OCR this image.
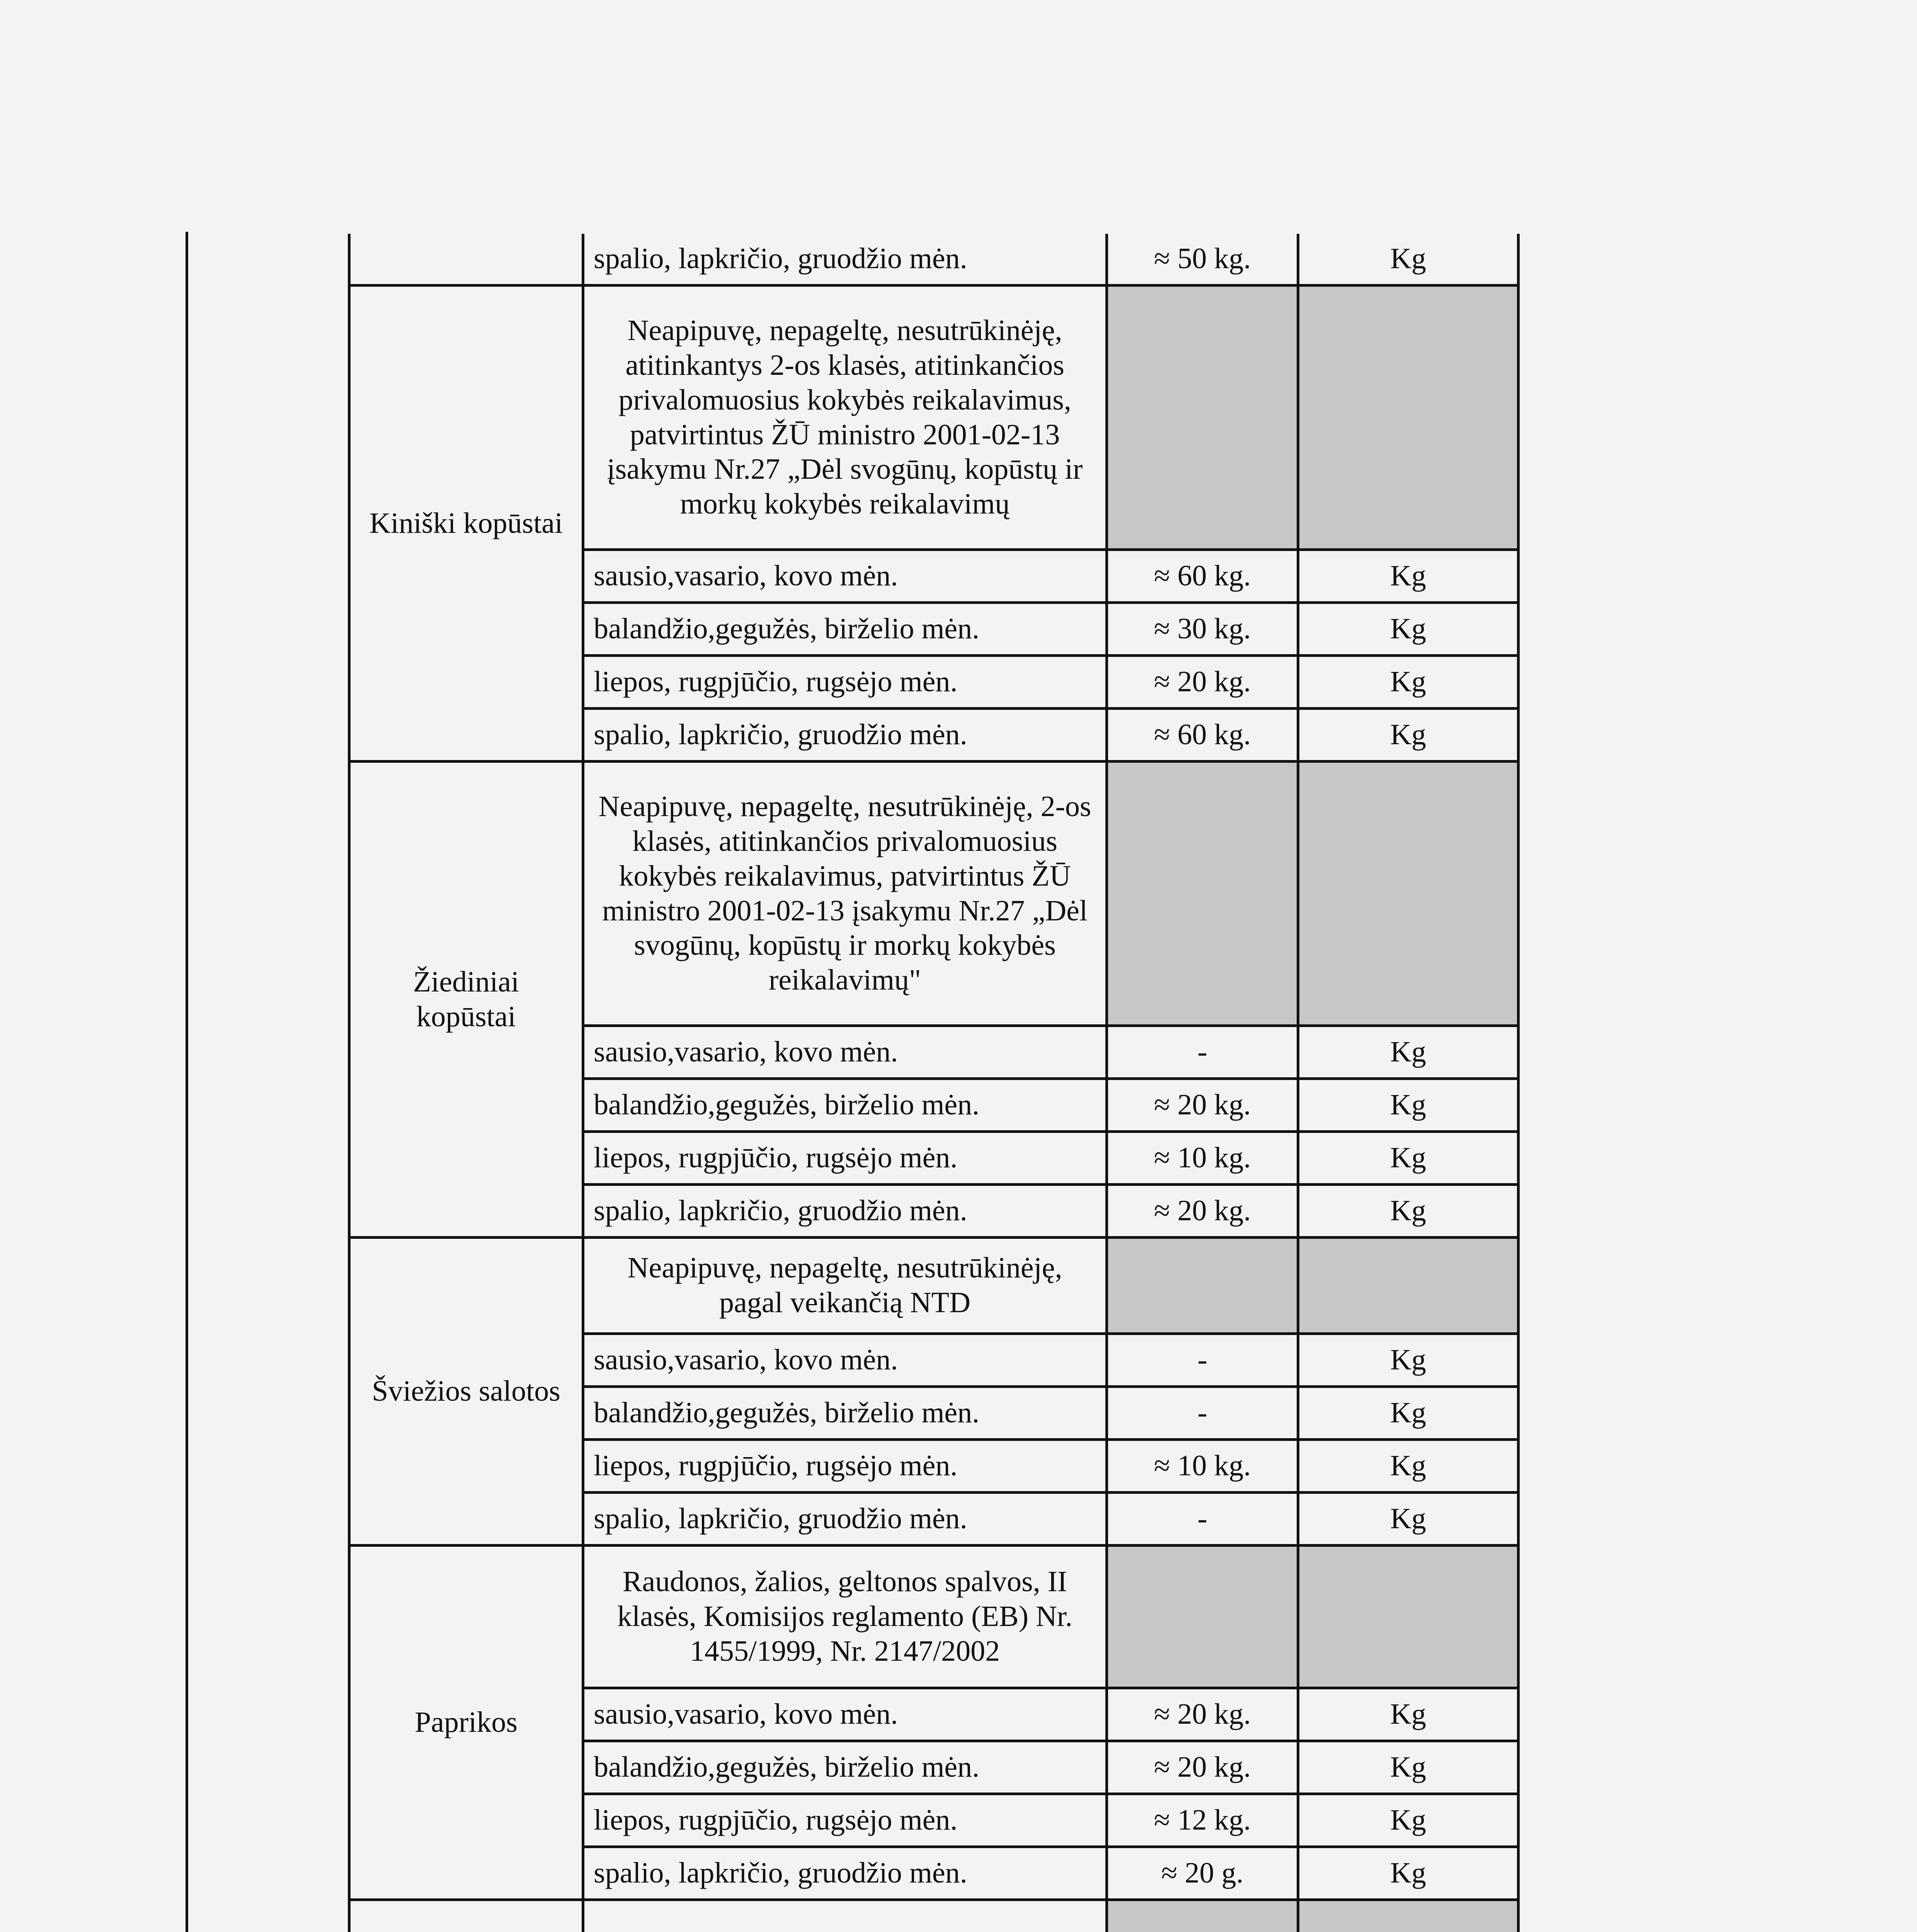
	spalio, lapkričio, gruodžio mėn.	≈ 50 kg.	Kg
Kiniški kopūstai	Neapipuvę, nepageltę, nesutrūkinėję, atitinkantys 2-os klasės, atitinkančios privalomuosius kokybės reikalavimus, patvirtintus ŽŪ ministro 2001-02-13 įsakymu Nr.27 „Dėl svogūnų, kopūstų ir morkų kokybės reikalavimų		
	sausio,vasario, kovo mėn.	≈ 60 kg.	Kg
	balandžio,gegužės, birželio mėn.	≈ 30 kg.	Kg
	liepos, rugpjūčio, rugsėjo mėn.	≈ 20 kg.	Kg
	spalio, lapkričio, gruodžio mėn.	≈ 60 kg.	Kg
Žiediniai kopūstai	Neapipuvę, nepageltę, nesutrūkinėję, 2-os klasės, atitinkančios privalomuosius kokybės reikalavimus, patvirtintus ŽŪ ministro 2001-02-13 įsakymu Nr.27 „Dėl svogūnų, kopūstų ir morkų kokybės reikalavimų"		
	sausio,vasario, kovo mėn.	-	Kg
	balandžio,gegužės, birželio mėn.	≈ 20 kg.	Kg
	liepos, rugpjūčio, rugsėjo mėn.	≈ 10 kg.	Kg
	spalio, lapkričio, gruodžio mėn.	≈ 20 kg.	Kg
Šviežios salotos	Neapipuvę, nepageltę, nesutrūkinėję, pagal veikančią NTD		
	sausio,vasario, kovo mėn.	-	Kg
	balandžio,gegužės, birželio mėn.	-	Kg
	liepos, rugpjūčio, rugsėjo mėn.	≈ 10 kg.	Kg
	spalio, lapkričio, gruodžio mėn.	-	Kg
Paprikos	Raudonos, žalios, geltonos spalvos, II klasės, Komisijos reglamento (EB) Nr. 1455/1999, Nr. 2147/2002		
	sausio,vasario, kovo mėn.	≈ 20 kg.	Kg
	balandžio,gegužės, birželio mėn.	≈ 20 kg.	Kg
	liepos, rugpjūčio, rugsėjo mėn.	≈ 12 kg.	Kg
	spalio, lapkričio, gruodžio mėn.	≈ 20 g.	Kg
